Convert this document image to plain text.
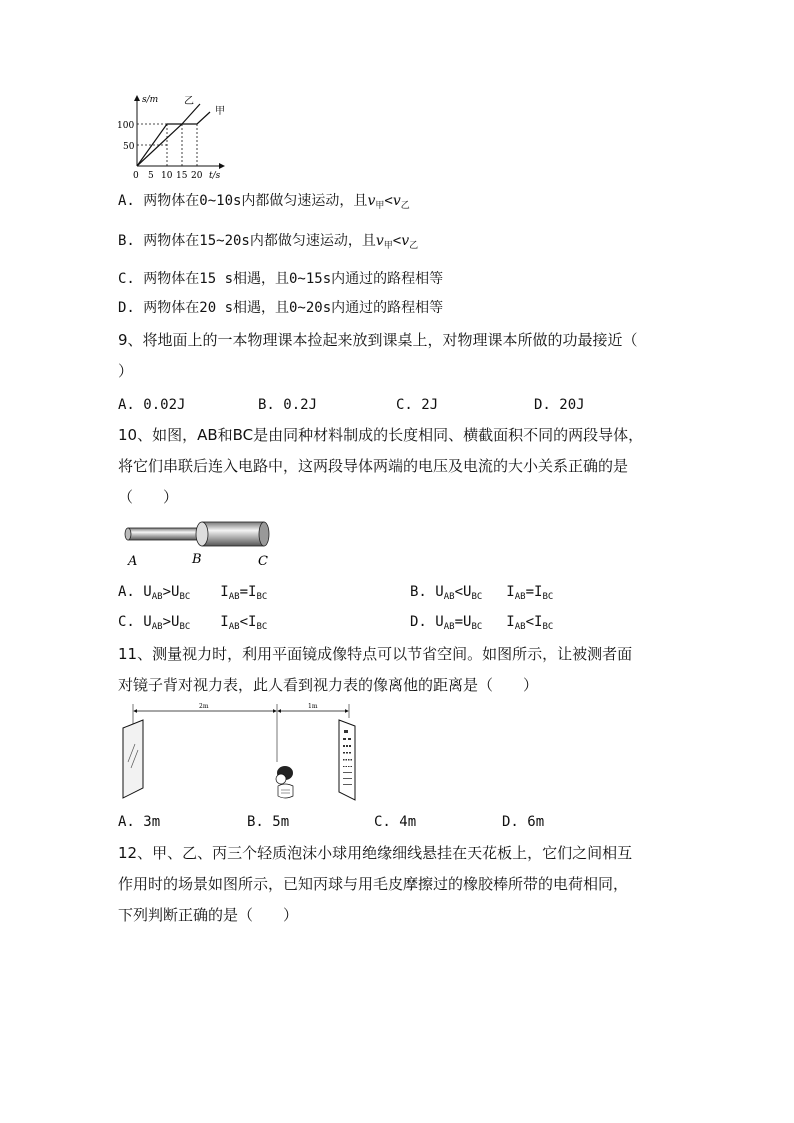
s/m
t/s
100
50
0 5 10 15 20
乙
甲
A. 两物体在0~10s内都做匀速运动，且$v_甲<v_乙$
B. 两物体在15~20s内都做匀速运动，且$v_甲<v_乙$
C. 两物体在15 s相遇，且0~15s内通过的路程相等
D. 两物体在20 s相遇，且0~20s内通过的路程相等
9、将地面上的一本物理课本捡起来放到课桌上，对物理课本所做的功最接近（
）
A. 0.02J	B. 0.2J	C. 2J	D. 20J
10、如图，AB和BC是由同种材料制成的长度相同、横截面积不同的两段导体，
将它们串联后连入电路中，这两段导体两端的电压及电流的大小关系正确的是
（　　）
A	B	C
A. $U_{AB}>U_{BC}$ $I_{AB}=I_{BC}$	B. $U_{AB}<U_{BC}$ $I_{AB}=I_{BC}$
C. $U_{AB}>U_{BC}$ $I_{AB}<I_{BC}$	D. $U_{AB}=U_{BC}$ $I_{AB}<I_{BC}$
11、测量视力时，利用平面镜成像特点可以节省空间。如图所示，让被测者面
对镜子背对视力表，此人看到视力表的像离他的距离是（　　）
2m	1m
A. 3m	B. 5m	C. 4m	D. 6m
12、甲、乙、丙三个轻质泡沫小球用绝缘细线悬挂在天花板上，它们之间相互
作用时的场景如图所示，已知丙球与用毛皮摩擦过的橡胶棒所带的电荷相同，
下列判断正确的是（　　）
